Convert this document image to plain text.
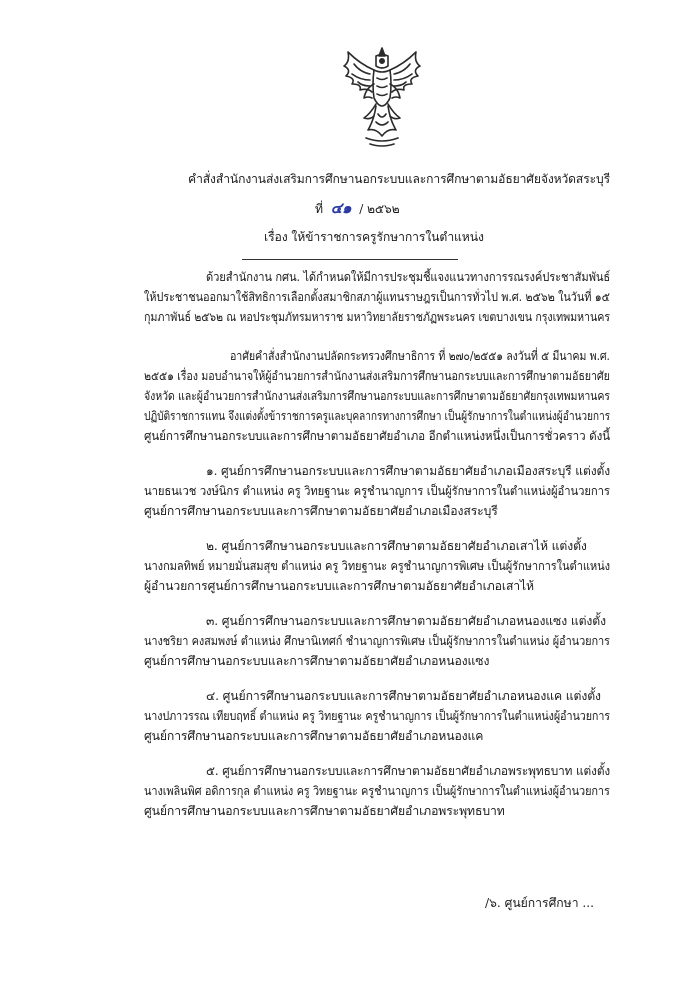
คำสั่งสำนักงานส่งเสริมการศึกษานอกระบบและการศึกษาตามอัธยาศัยจังหวัดสระบุรี
ที่ ๔๑ / ๒๕๖๒
เรื่อง ให้ข้าราชการครูรักษาการในตำแหน่ง
ด้วยสำนักงาน กศน. ได้กำหนดให้มีการประชุมชี้แจงแนวทางการรณรงค์ประชาสัมพันธ์
ให้ประชาชนออกมาใช้สิทธิการเลือกตั้งสมาชิกสภาผู้แทนราษฎรเป็นการทั่วไป พ.ศ. ๒๕๖๒ ในวันที่ ๑๕
กุมภาพันธ์ ๒๕๖๒ ณ หอประชุมภัทรมหาราช มหาวิทยาลัยราชภัฏพระนคร เขตบางเขน กรุงเทพมหานคร
อาศัยคำสั่งสำนักงานปลัดกระทรวงศึกษาธิการ ที่ ๒๗๐/๒๕๕๑ ลงวันที่ ๕ มีนาคม พ.ศ.
๒๕๕๑ เรื่อง มอบอำนาจให้ผู้อำนวยการสำนักงานส่งเสริมการศึกษานอกระบบและการศึกษาตามอัธยาศัย
จังหวัด และผู้อำนวยการสำนักงานส่งเสริมการศึกษานอกระบบและการศึกษาตามอัธยาศัยกรุงเทพมหานคร
ปฏิบัติราชการแทน จึงแต่งตั้งข้าราชการครูและบุคลากรทางการศึกษา เป็นผู้รักษาการในตำแหน่งผู้อำนวยการ
ศูนย์การศึกษานอกระบบและการศึกษาตามอัธยาศัยอำเภอ อีกตำแหน่งหนึ่งเป็นการชั่วคราว ดังนี้
๑. ศูนย์การศึกษานอกระบบและการศึกษาตามอัธยาศัยอำเภอเมืองสระบุรี แต่งตั้ง
นายธนเวช วงษ์นิกร ตำแหน่ง ครู วิทยฐานะ ครูชำนาญการ เป็นผู้รักษาการในตำแหน่งผู้อำนวยการ
ศูนย์การศึกษานอกระบบและการศึกษาตามอัธยาศัยอำเภอเมืองสระบุรี
๒. ศูนย์การศึกษานอกระบบและการศึกษาตามอัธยาศัยอำเภอเสาไห้ แต่งตั้ง
นางกมลทิพย์ หมายมั่นสมสุข ตำแหน่ง ครู วิทยฐานะ ครูชำนาญการพิเศษ เป็นผู้รักษาการในตำแหน่ง
ผู้อำนวยการศูนย์การศึกษานอกระบบและการศึกษาตามอัธยาศัยอำเภอเสาไห้
๓. ศูนย์การศึกษานอกระบบและการศึกษาตามอัธยาศัยอำเภอหนองแซง แต่งตั้ง
นางชริยา คงสมพงษ์ ตำแหน่ง ศึกษานิเทศก์ ชำนาญการพิเศษ เป็นผู้รักษาการในตำแหน่ง ผู้อำนวยการ
ศูนย์การศึกษานอกระบบและการศึกษาตามอัธยาศัยอำเภอหนองแซง
๔. ศูนย์การศึกษานอกระบบและการศึกษาตามอัธยาศัยอำเภอหนองแค แต่งตั้ง
นางปภาวรรณ เทียบฤทธิ์ ตำแหน่ง ครู วิทยฐานะ ครูชำนาญการ เป็นผู้รักษาการในตำแหน่งผู้อำนวยการ
ศูนย์การศึกษานอกระบบและการศึกษาตามอัธยาศัยอำเภอหนองแค
๕. ศูนย์การศึกษานอกระบบและการศึกษาตามอัธยาศัยอำเภอพระพุทธบาท แต่งตั้ง
นางเพลินพิศ อดิการกุล ตำแหน่ง ครู วิทยฐานะ ครูชำนาญการ เป็นผู้รักษาการในตำแหน่งผู้อำนวยการ
ศูนย์การศึกษานอกระบบและการศึกษาตามอัธยาศัยอำเภอพระพุทธบาท
/๖. ศูนย์การศึกษา ...
